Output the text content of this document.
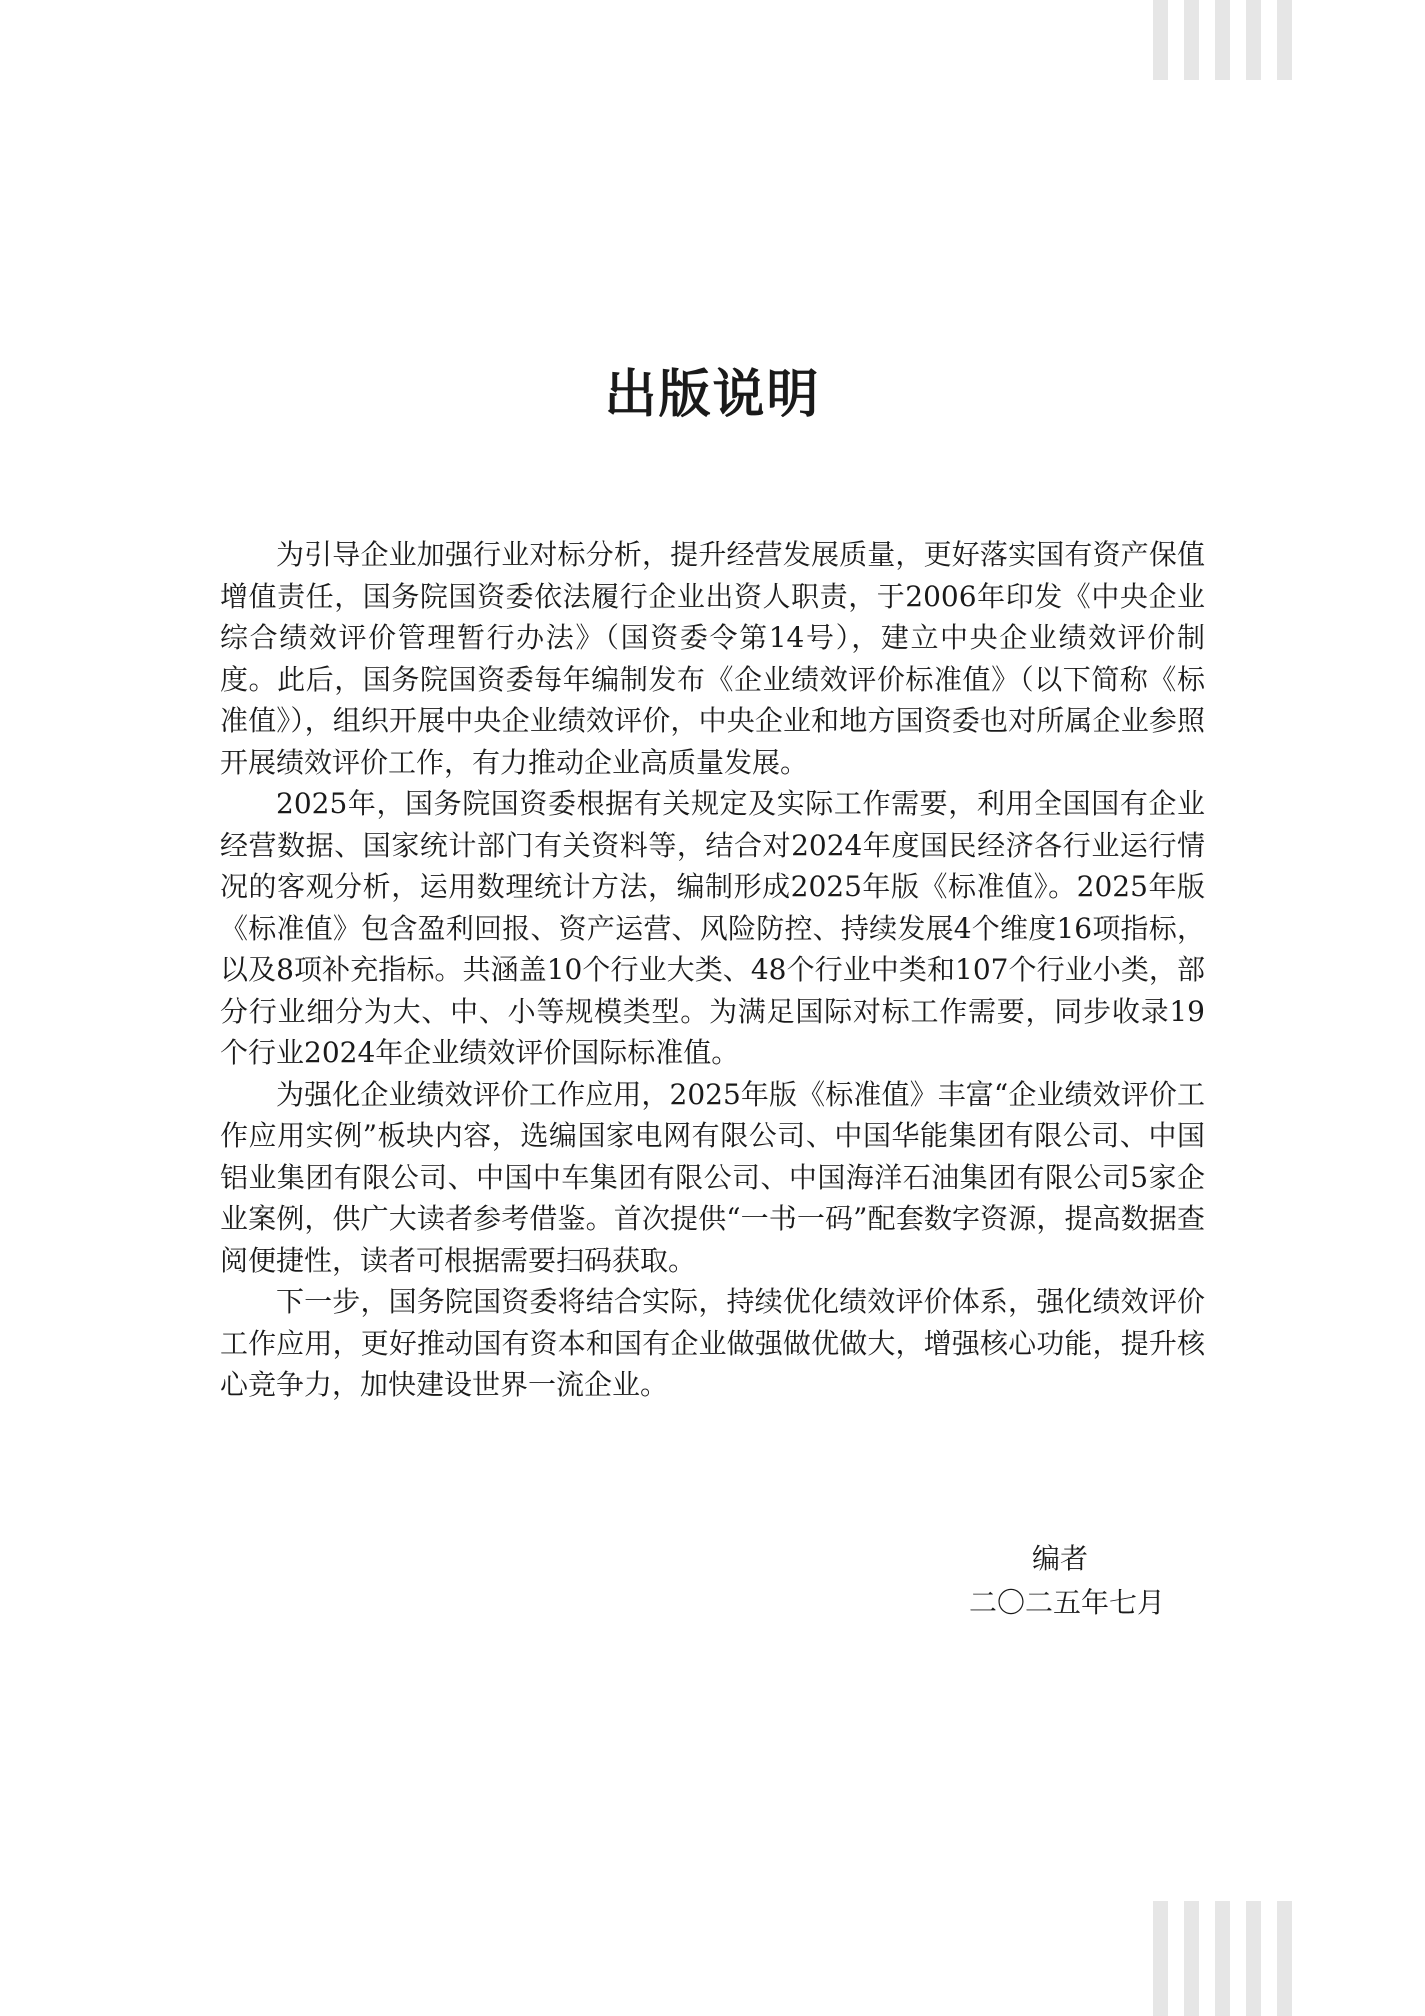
出版说明

为引导企业加强行业对标分析，提升经营发展质量，更好落实国有资产保值增值责任，国务院国资委依法履行企业出资人职责，于2006年印发《中央企业综合绩效评价管理暂行办法》（国资委令第14号），建立中央企业绩效评价制度。此后，国务院国资委每年编制发布《企业绩效评价标准值》（以下简称《标准值》），组织开展中央企业绩效评价，中央企业和地方国资委也对所属企业参照开展绩效评价工作，有力推动企业高质量发展。

2025年，国务院国资委根据有关规定及实际工作需要，利用全国国有企业经营数据、国家统计部门有关资料等，结合对2024年度国民经济各行业运行情况的客观分析，运用数理统计方法，编制形成2025年版《标准值》。2025年版《标准值》包含盈利回报、资产运营、风险防控、持续发展4个维度16项指标，以及8项补充指标。共涵盖10个行业大类、48个行业中类和107个行业小类，部分行业细分为大、中、小等规模类型。为满足国际对标工作需要，同步收录19个行业2024年企业绩效评价国际标准值。

为强化企业绩效评价工作应用，2025年版《标准值》丰富“企业绩效评价工作应用实例”板块内容，选编国家电网有限公司、中国华能集团有限公司、中国铝业集团有限公司、中国中车集团有限公司、中国海洋石油集团有限公司5家企业案例，供广大读者参考借鉴。首次提供“一书一码”配套数字资源，提高数据查阅便捷性，读者可根据需要扫码获取。

下一步，国务院国资委将结合实际，持续优化绩效评价体系，强化绩效评价工作应用，更好推动国有资本和国有企业做强做优做大，增强核心功能，提升核心竞争力，加快建设世界一流企业。

编者
二〇二五年七月
